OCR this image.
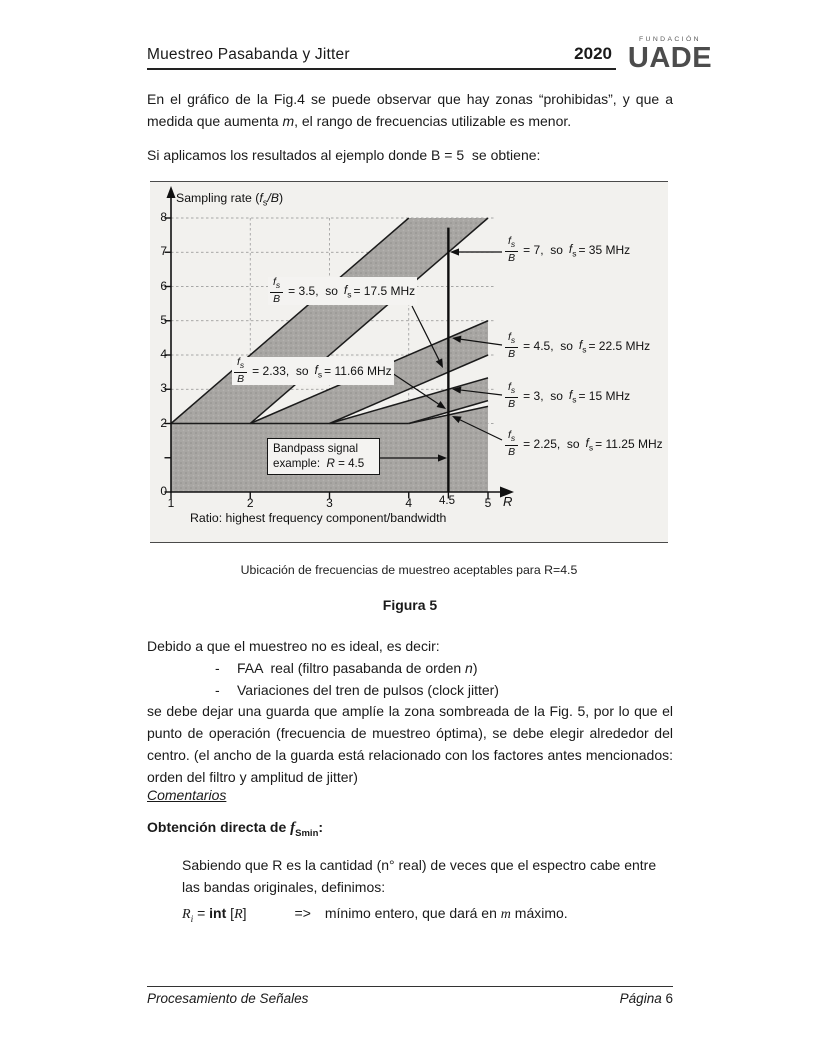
Muestreo Pasabanda y Jitter	2020
FUNDACIÓN
UADE
En el gráfico de la Fig.4 se puede observar que hay zonas “prohibidas”, y que a medida que aumenta m, el rango de frecuencias utilizable es menor.
Si aplicamos los resultados al ejemplo donde B = 5  se obtiene:
Sampling rate $(f_s/B)$
Ratio: highest frequency component/bandwidth
R
4.5
$\frac{f_s}{B} = 7$,  so $f_s = 35$ MHz
$\frac{f_s}{B} = 4.5$,  so $f_s = 22.5$ MHz
$\frac{f_s}{B} = 3$,  so $f_s = 15$ MHz
$\frac{f_s}{B} = 2.25$,  so $f_s = 11.25$ MHz
$\frac{f_s}{B} = 3.5$,  so $f_s = 17.5$ MHz
$\frac{f_s}{B} = 2.33$,  so $f_s = 11.66$ MHz
Bandpass signal
example:  R = 4.5
0
2
3
4
5
6
7
8
1	2	3	4	5
Ubicación de frecuencias de muestreo aceptables para R=4.5
Figura 5
Debido a que el muestreo no es ideal, es decir:
- FAA  real (filtro pasabanda de orden n)
- Variaciones del tren de pulsos (clock jitter)
se debe dejar una guarda que amplíe la zona sombreada de la Fig. 5, por lo que el punto de operación (frecuencia de muestreo óptima), se debe elegir alrededor del centro. (el ancho de la guarda está relacionado con los factores antes mencionados: orden del filtro y amplitud de jitter)
Comentarios
Obtención directa de $f_{Smin}$:
Sabiendo que R es la cantidad (n° real) de veces que el espectro cabe entre las bandas originales, definimos:
$R_i$ = int [R]	=> mínimo entero, que dará en m máximo.
Procesamiento de Señales	Página 6
